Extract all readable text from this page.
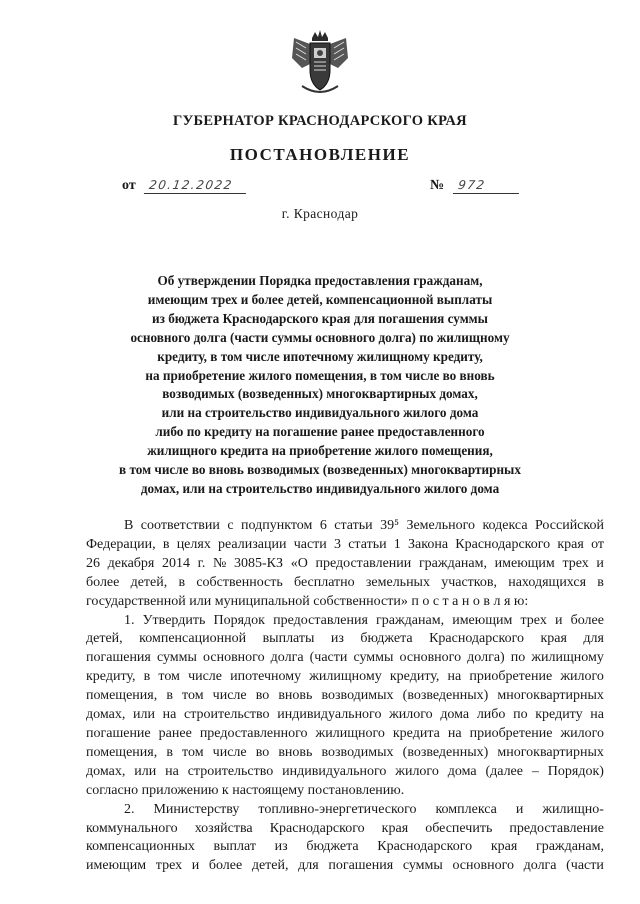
ГУБЕРНАТОР КРАСНОДАРСКОГО КРАЯ
ПОСТАНОВЛЕНИЕ
от 20.12.2022	№ 972
г. Краснодар
Об утверждении Порядка предоставления гражданам,
имеющим трех и более детей, компенсационной выплаты
из бюджета Краснодарского края для погашения суммы
основного долга (части суммы основного долга) по жилищному
кредиту, в том числе ипотечному жилищному кредиту,
на приобретение жилого помещения, в том числе во вновь
возводимых (возведенных) многоквартирных домах,
или на строительство индивидуального жилого дома
либо по кредиту на погашение ранее предоставленного
жилищного кредита на приобретение жилого помещения,
в том числе во вновь возводимых (возведенных) многоквартирных
домах, или на строительство индивидуального жилого дома
В соответствии с подпунктом 6 статьи 39⁵ Земельного кодекса Российской
Федерации, в целях реализации части 3 статьи 1 Закона Краснодарского края от
26 декабря 2014 г. № 3085-КЗ «О предоставлении гражданам, имеющим трех и
более детей, в собственность бесплатно земельных участков, находящихся в
государственной или муниципальной собственности» п о с т а н о в л я ю:
1. Утвердить Порядок предоставления гражданам, имеющим трех и более
детей, компенсационной выплаты из бюджета Краснодарского края для
погашения суммы основного долга (части суммы основного долга) по жилищному
кредиту, в том числе ипотечному жилищному кредиту, на приобретение жилого
помещения, в том числе во вновь возводимых (возведенных) многоквартирных
домах, или на строительство индивидуального жилого дома либо по кредиту на
погашение ранее предоставленного жилищного кредита на приобретение жилого
помещения, в том числе во вновь возводимых (возведенных) многоквартирных
домах, или на строительство индивидуального жилого дома (далее – Порядок)
согласно приложению к настоящему постановлению.
2. Министерству топливно-энергетического комплекса и жилищно-
коммунального хозяйства Краснодарского края обеспечить предоставление
компенсационных выплат из бюджета Краснодарского края гражданам,
имеющим трех и более детей, для погашения суммы основного долга (части
